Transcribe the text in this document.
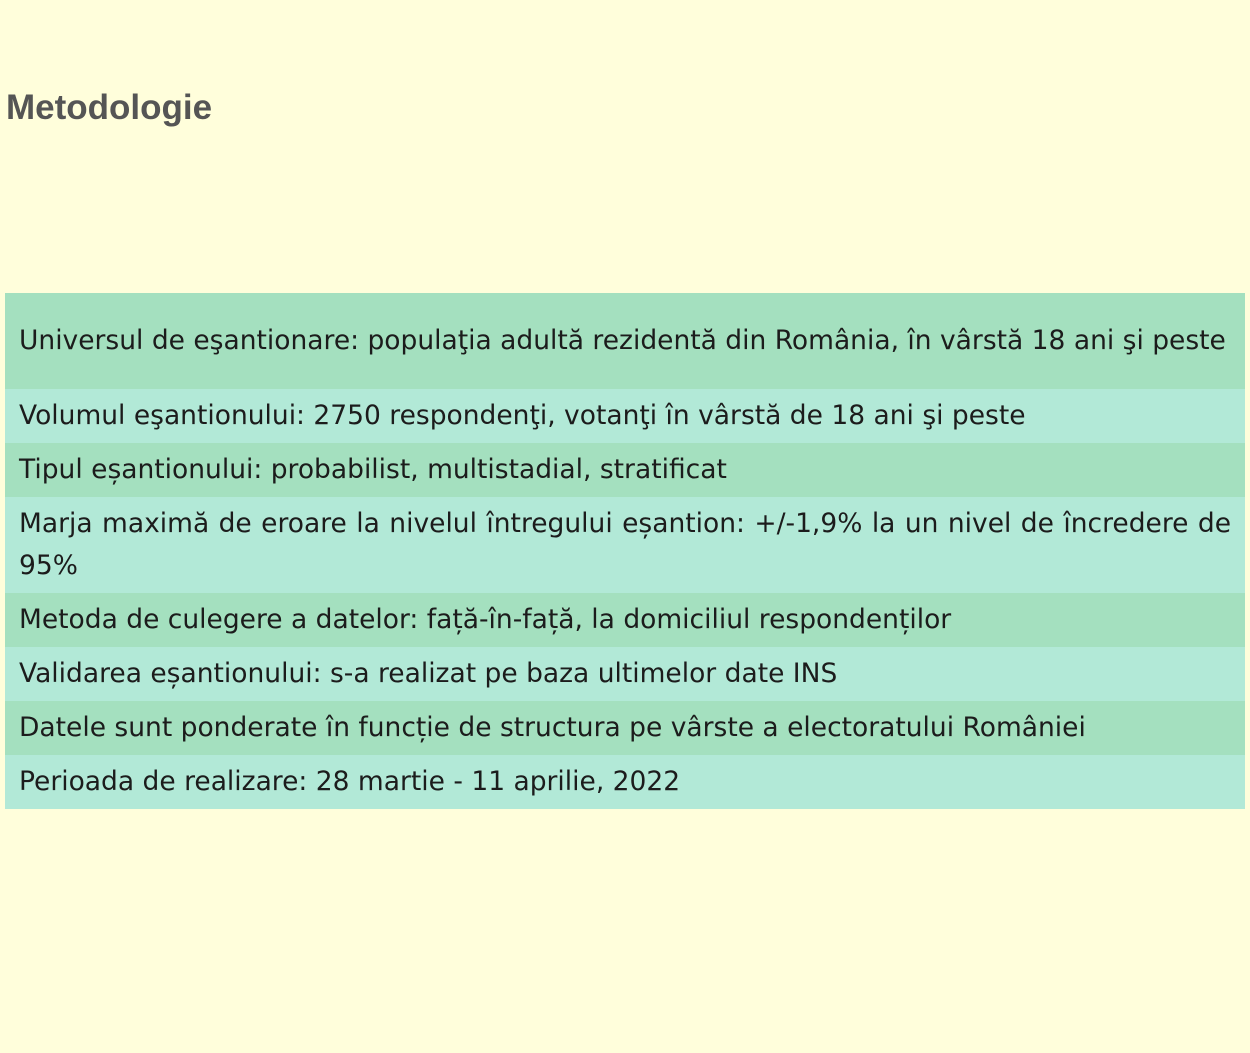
Metodologie
Universul de eşantionare: populaţia adultă rezidentă din România, în vârstă 18 ani şi peste
Volumul eşantionului: 2750 respondenţi, votanţi în vârstă de 18 ani şi peste
Tipul eșantionului: probabilist, multistadial, stratificat
Marja maximă de eroare la nivelul întregului eșantion: +/-1,9% la un nivel de încredere de 95%
Metoda de culegere a datelor: față-în-față, la domiciliul respondenților
Validarea eșantionului: s-a realizat pe baza ultimelor date INS
Datele sunt ponderate în funcție de structura pe vârste a electoratului României
Perioada de realizare: 28 martie - 11 aprilie, 2022
